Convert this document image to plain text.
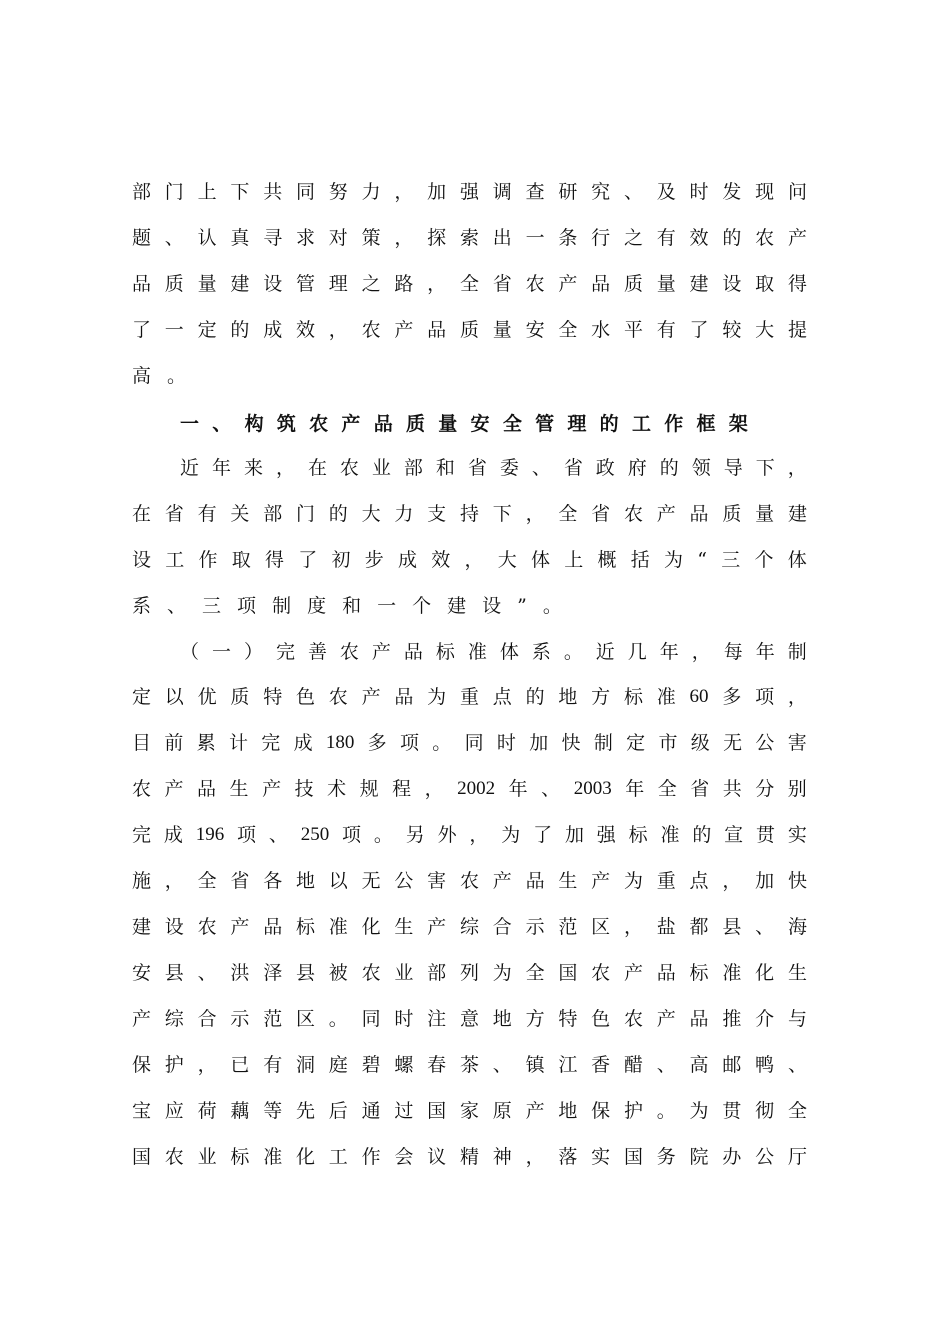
部 门 上 下 共 同 努 力 ， 加 强 调 查 研 究 、 及 时 发 现 问
题 、 认 真 寻 求 对 策 ， 探 索 出 一 条 行 之 有 效 的 农 产
品 质 量 建 设 管 理 之 路 ， 全 省 农 产 品 质 量 建 设 取 得
了 一 定 的 成 效 ， 农 产 品 质 量 安 全 水 平 有 了 较 大 提
高 。
一 、 构 筑 农 产 品 质 量 安 全 管 理 的 工 作 框 架
近 年 来 ， 在 农 业 部 和 省 委 、 省 政 府 的 领 导 下 ，
在 省 有 关 部 门 的 大 力 支 持 下 ， 全 省 农 产 品 质 量 建
设 工 作 取 得 了 初 步 成 效 ， 大 体 上 概 括 为 “ 三 个 体
系 、 三 项 制 度 和 一 个 建 设 ” 。
（ 一 ） 完 善 农 产 品 标 准 体 系 。 近 几 年 ， 每 年 制
定 以 优 质 特 色 农 产 品 为 重 点 的 地 方 标 准 60 多 项 ，
目 前 累 计 完 成 180 多 项 。 同 时 加 快 制 定 市 级 无 公 害
农 产 品 生 产 技 术 规 程 ， 2002 年 、 2003 年 全 省 共 分 别
完 成 196 项 、 250 项 。 另 外 ， 为 了 加 强 标 准 的 宣 贯 实
施 ， 全 省 各 地 以 无 公 害 农 产 品 生 产 为 重 点 ， 加 快
建 设 农 产 品 标 准 化 生 产 综 合 示 范 区 ， 盐 都 县 、 海
安 县 、 洪 泽 县 被 农 业 部 列 为 全 国 农 产 品 标 准 化 生
产 综 合 示 范 区 。 同 时 注 意 地 方 特 色 农 产 品 推 介 与
保 护 ， 已 有 洞 庭 碧 螺 春 茶 、 镇 江 香 醋 、 高 邮 鸭 、
宝 应 荷 藕 等 先 后 通 过 国 家 原 产 地 保 护 。 为 贯 彻 全
国 农 业 标 准 化 工 作 会 议 精 神 ， 落 实 国 务 院 办 公 厅
